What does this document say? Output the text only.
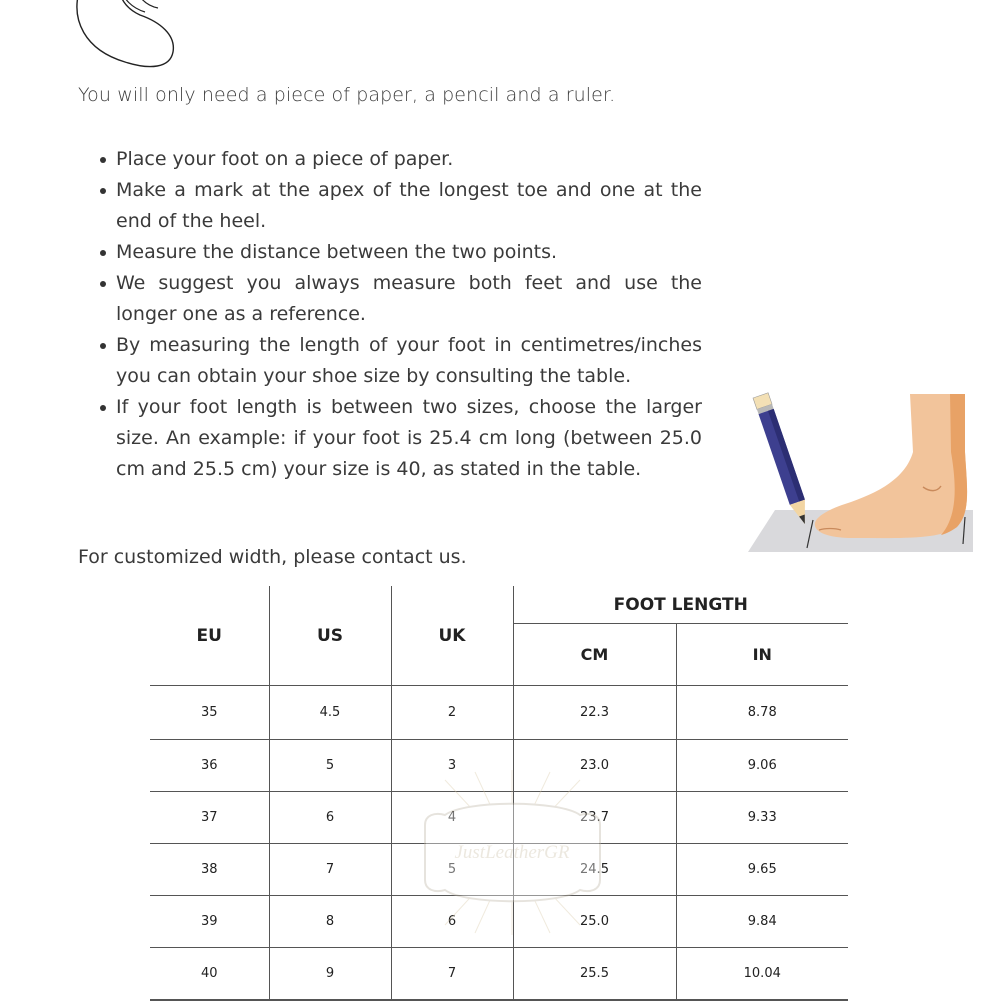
You will only need a piece of paper, a pencil and a ruler.

Place your foot on a piece of paper.
Make a mark at the apex of the longest toe and one at the end of the heel.
Measure the distance between the two points.
We suggest you always measure both feet and use the longer one as a reference.
By measuring the length of your foot in centimetres/inches you can obtain your shoe size by consulting the table.
If your foot length is between two sizes, choose the larger size. An example: if your foot is 25.4 cm long (between 25.0 cm and 25.5 cm) your size is 40, as stated in the table.

For customized width, please contact us.

EU	US	UK	FOOT LENGTH	
			CM	IN
35	4.5	2	22.3	8.78
36	5	3	23.0	9.06
37	6	4	23.7	9.33
38	7	5	24.5	9.65
39	8	6	25.0	9.84
40	9	7	25.5	10.04
JustLeatherGR
